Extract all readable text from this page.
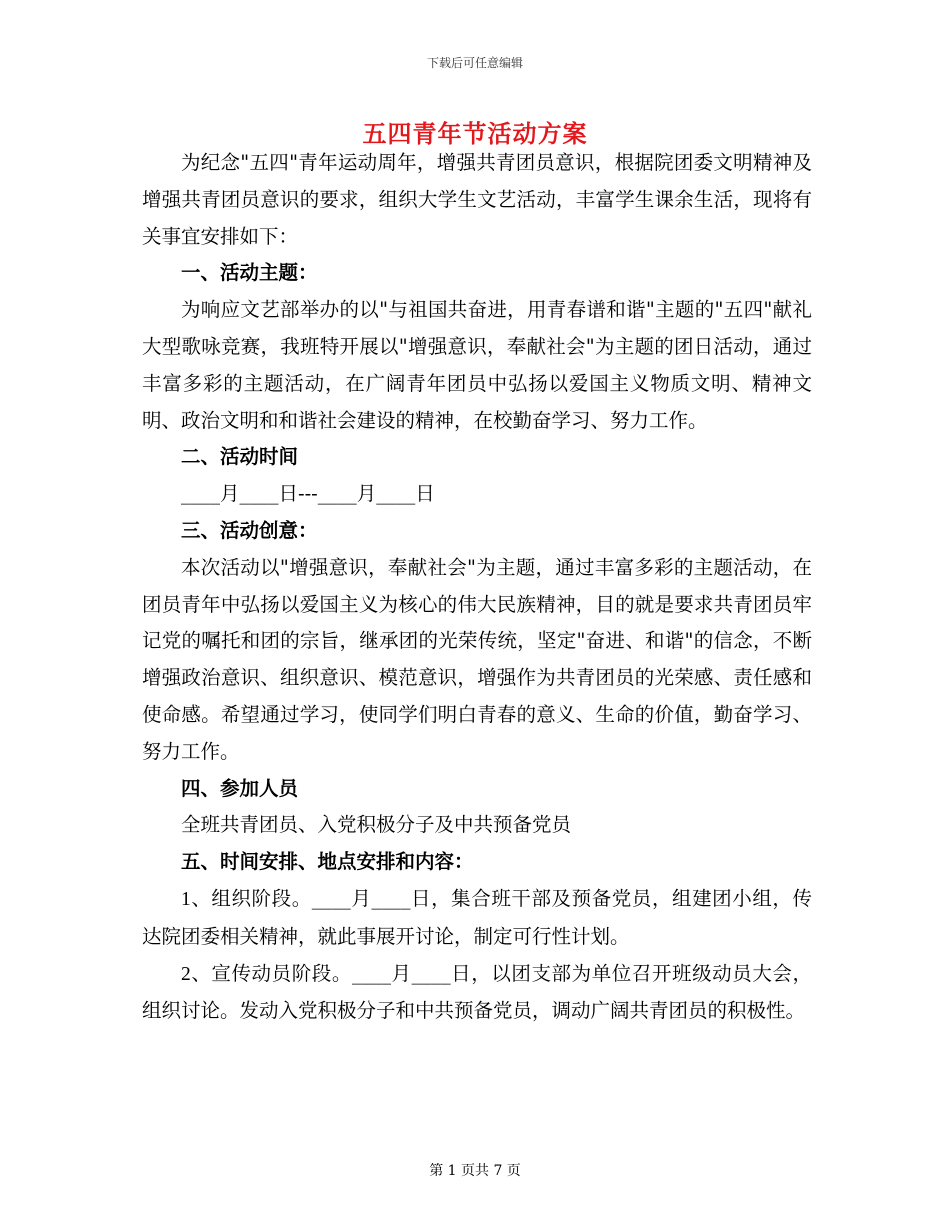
下载后可任意编辑
五四青年节活动方案

为纪念"五四"青年运动周年，增强共青团员意识，根据院团委文明精神及增强共青团员意识的要求，组织大学生文艺活动，丰富学生课余生活，现将有关事宜安排如下：

一、活动主题：

为响应文艺部举办的以"与祖国共奋进，用青春谱和谐"主题的"五四"献礼大型歌咏竞赛，我班特开展以"增强意识，奉献社会"为主题的团日活动，通过丰富多彩的主题活动，在广阔青年团员中弘扬以爱国主义物质文明、精神文明、政治文明和和谐社会建设的精神，在校勤奋学习、努力工作。

二、活动时间

____月____日---____月____日

三、活动创意：

本次活动以"增强意识，奉献社会"为主题，通过丰富多彩的主题活动，在团员青年中弘扬以爱国主义为核心的伟大民族精神，目的就是要求共青团员牢记党的嘱托和团的宗旨，继承团的光荣传统，坚定"奋进、和谐"的信念，不断增强政治意识、组织意识、模范意识，增强作为共青团员的光荣感、责任感和使命感。希望通过学习，使同学们明白青春的意义、生命的价值，勤奋学习、努力工作。

四、参加人员

全班共青团员、入党积极分子及中共预备党员

五、时间安排、地点安排和内容：

1、组织阶段。____月____日，集合班干部及预备党员，组建团小组，传达院团委相关精神，就此事展开讨论，制定可行性计划。

2、宣传动员阶段。____月____日，以团支部为单位召开班级动员大会，组织讨论。发动入党积极分子和中共预备党员，调动广阔共青团员的积极性。

第 1 页共 7 页
